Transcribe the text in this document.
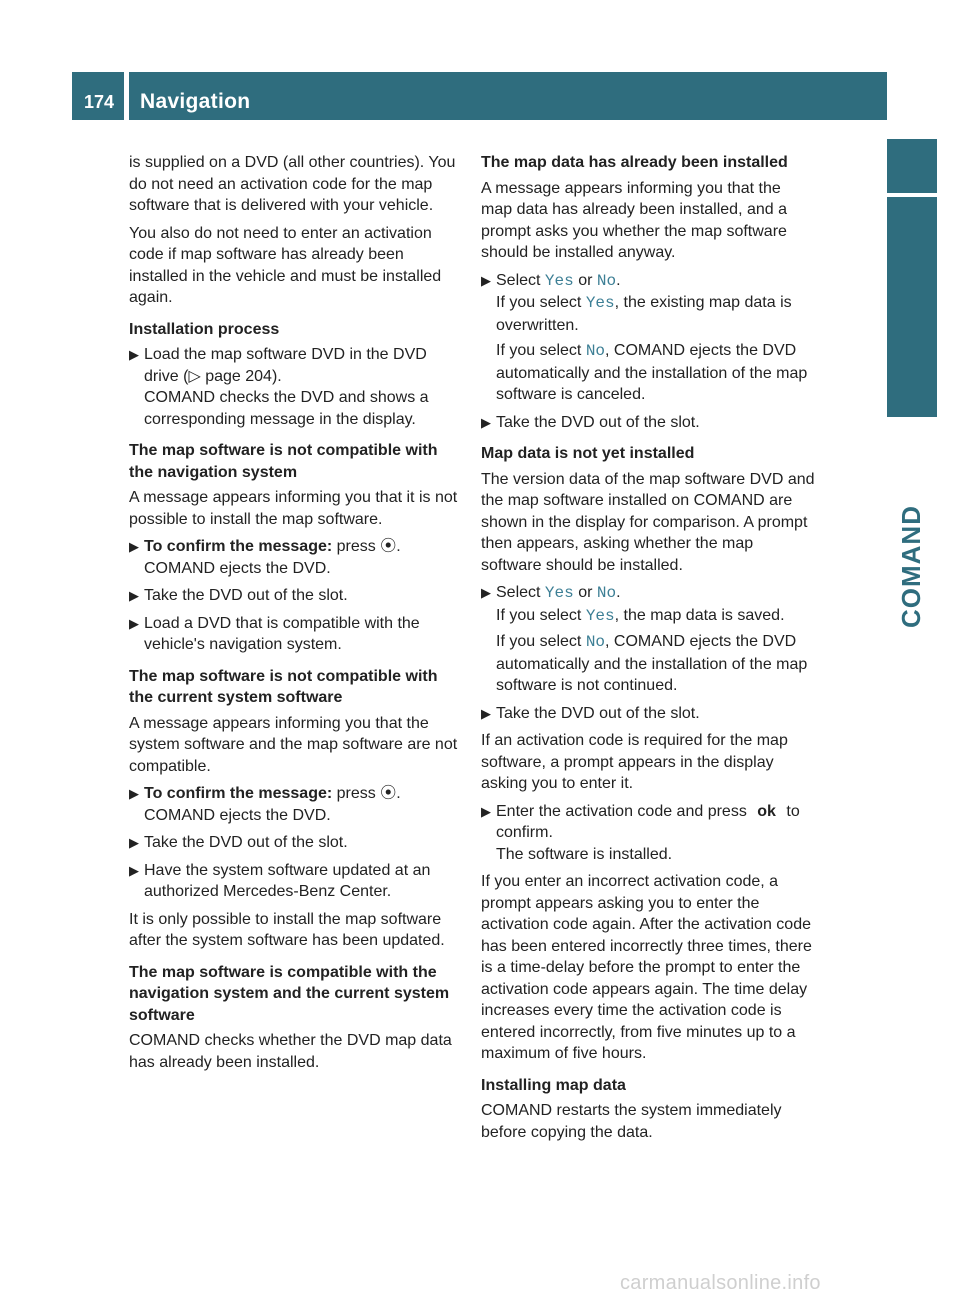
174	Navigation
COMAND

is supplied on a DVD (all other countries). You do not need an activation code for the map software that is delivered with your vehicle.

You also do not need to enter an activation code if map software has already been installed in the vehicle and must be installed again.

Installation process
▶ Load the map software DVD in the DVD drive (▷ page 204).
COMAND checks the DVD and shows a corresponding message in the display.
The map software is not compatible with the navigation system

A message appears informing you that it is not possible to install the map software.

▶ To confirm the message: press ⦿.
COMAND ejects the DVD.
▶ Take the DVD out of the slot.
▶ Load a DVD that is compatible with the vehicle's navigation system.
The map software is not compatible with the current system software

A message appears informing you that the system software and the map software are not compatible.

▶ To confirm the message: press ⦿.
COMAND ejects the DVD.
▶ Take the DVD out of the slot.
▶ Have the system software updated at an authorized Mercedes-Benz Center.

It is only possible to install the map software after the system software has been updated.

The map software is compatible with the navigation system and the current system software

COMAND checks whether the DVD map data has already been installed.

The map data has already been installed

A message appears informing you that the map data has already been installed, and a prompt asks you whether the map software should be installed anyway.

▶ Select Yes or No.
If you select Yes, the existing map data is overwritten.
If you select No, COMAND ejects the DVD automatically and the installation of the map software is canceled.
▶ Take the DVD out of the slot.
Map data is not yet installed

The version data of the map software DVD and the map software installed on COMAND are shown in the display for comparison. A prompt then appears, asking whether the map software should be installed.

▶ Select Yes or No.
If you select Yes, the map data is saved.
If you select No, COMAND ejects the DVD automatically and the installation of the map software is not continued.
▶ Take the DVD out of the slot.

If an activation code is required for the map software, a prompt appears in the display asking you to enter it.

▶ Enter the activation code and press ok to confirm.
The software is installed.

If you enter an incorrect activation code, a prompt appears asking you to enter the activation code again. After the activation code has been entered incorrectly three times, there is a time-delay before the prompt to enter the activation code appears again. The time delay increases every time the activation code is entered incorrectly, from five minutes up to a maximum of five hours.

Installing map data

COMAND restarts the system immediately before copying the data.

carmanualsonline.info
